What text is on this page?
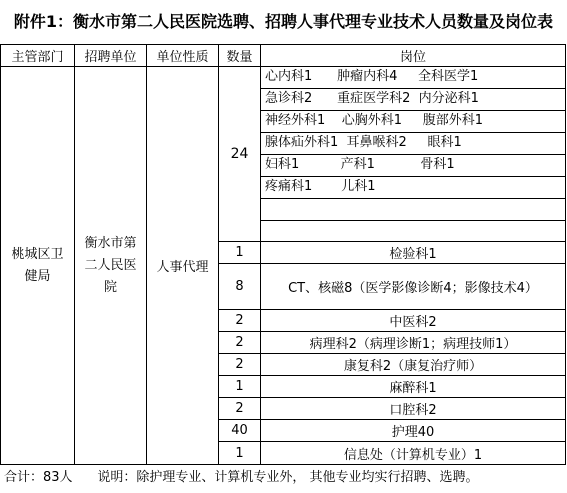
附件1：衡水市第二人民医院选聘、招聘人事代理专业技术人员数量及岗位表
主管部门	招聘单位	单位性质	数量	岗位
桃城区卫健局
衡水市第二人民医院
人事代理
24
心内科1      肿瘤内科4     全科医学1
急诊科2      重症医学科2  内分泌科1
神经外科1    心胸外科1     腹部外科1
腺体疝外科1  耳鼻喉科2     眼科1
妇科1          产科1           骨科1
疼痛科1       儿科1
1	检验科1
8	CT、核磁8（医学影像诊断4；影像技术4）
2	中医科2
2	病理科2（病理诊断1；病理技师1）
2	康复科2（康复治疗师）
1	麻醉科1
2	口腔科2
40	护理40
1	信息处（计算机专业）1
合计：83人      说明：除护理专业、计算机专业外， 其他专业均实行招聘、选聘。
